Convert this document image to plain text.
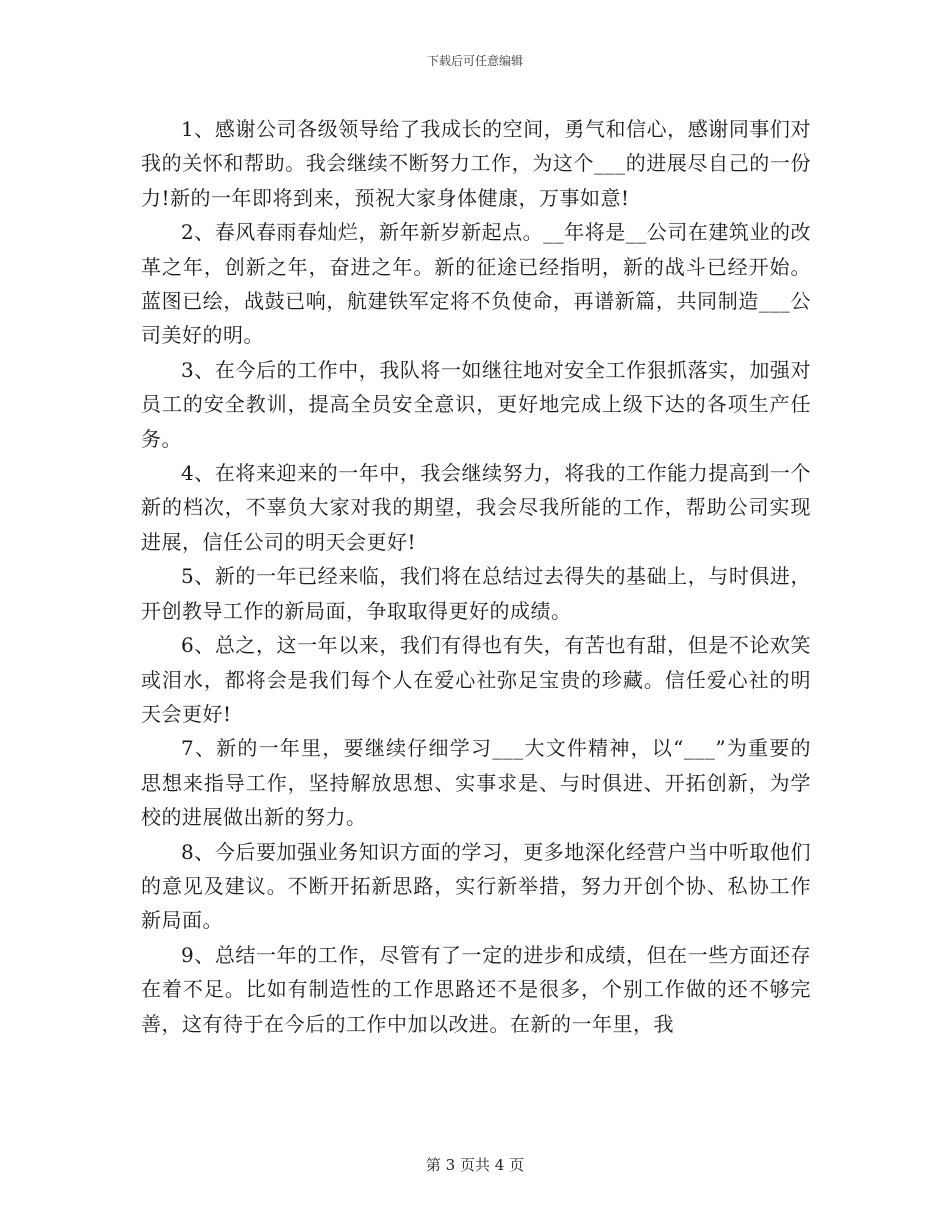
下载后可任意编辑

1、感谢公司各级领导给了我成长的空间，勇气和信心，感谢同事们对我的关怀和帮助。我会继续不断努力工作，为这个___的进展尽自己的一份力!新的一年即将到来，预祝大家身体健康，万事如意!

2、春风春雨春灿烂，新年新岁新起点。__年将是__公司在建筑业的改革之年，创新之年，奋进之年。新的征途已经指明，新的战斗已经开始。蓝图已绘，战鼓已响，航建铁军定将不负使命，再谱新篇，共同制造___公司美好的明。

3、在今后的工作中，我队将一如继往地对安全工作狠抓落实，加强对员工的安全教训，提高全员安全意识，更好地完成上级下达的各项生产任务。

4、在将来迎来的一年中，我会继续努力，将我的工作能力提高到一个新的档次，不辜负大家对我的期望，我会尽我所能的工作，帮助公司实现进展，信任公司的明天会更好!

5、新的一年已经来临，我们将在总结过去得失的基础上，与时俱进，开创教导工作的新局面，争取取得更好的成绩。

6、总之，这一年以来，我们有得也有失，有苦也有甜，但是不论欢笑或泪水，都将会是我们每个人在爱心社弥足宝贵的珍藏。信任爱心社的明天会更好!

7、新的一年里，要继续仔细学习___大文件精神，以“___”为重要的思想来指导工作，坚持解放思想、实事求是、与时俱进、开拓创新，为学校的进展做出新的努力。

8、今后要加强业务知识方面的学习，更多地深化经营户当中听取他们的意见及建议。不断开拓新思路，实行新举措，努力开创个协、私协工作新局面。

9、总结一年的工作，尽管有了一定的进步和成绩，但在一些方面还存在着不足。比如有制造性的工作思路还不是很多，个别工作做的还不够完善，这有待于在今后的工作中加以改进。在新的一年里，我

第 3 页共 4 页
